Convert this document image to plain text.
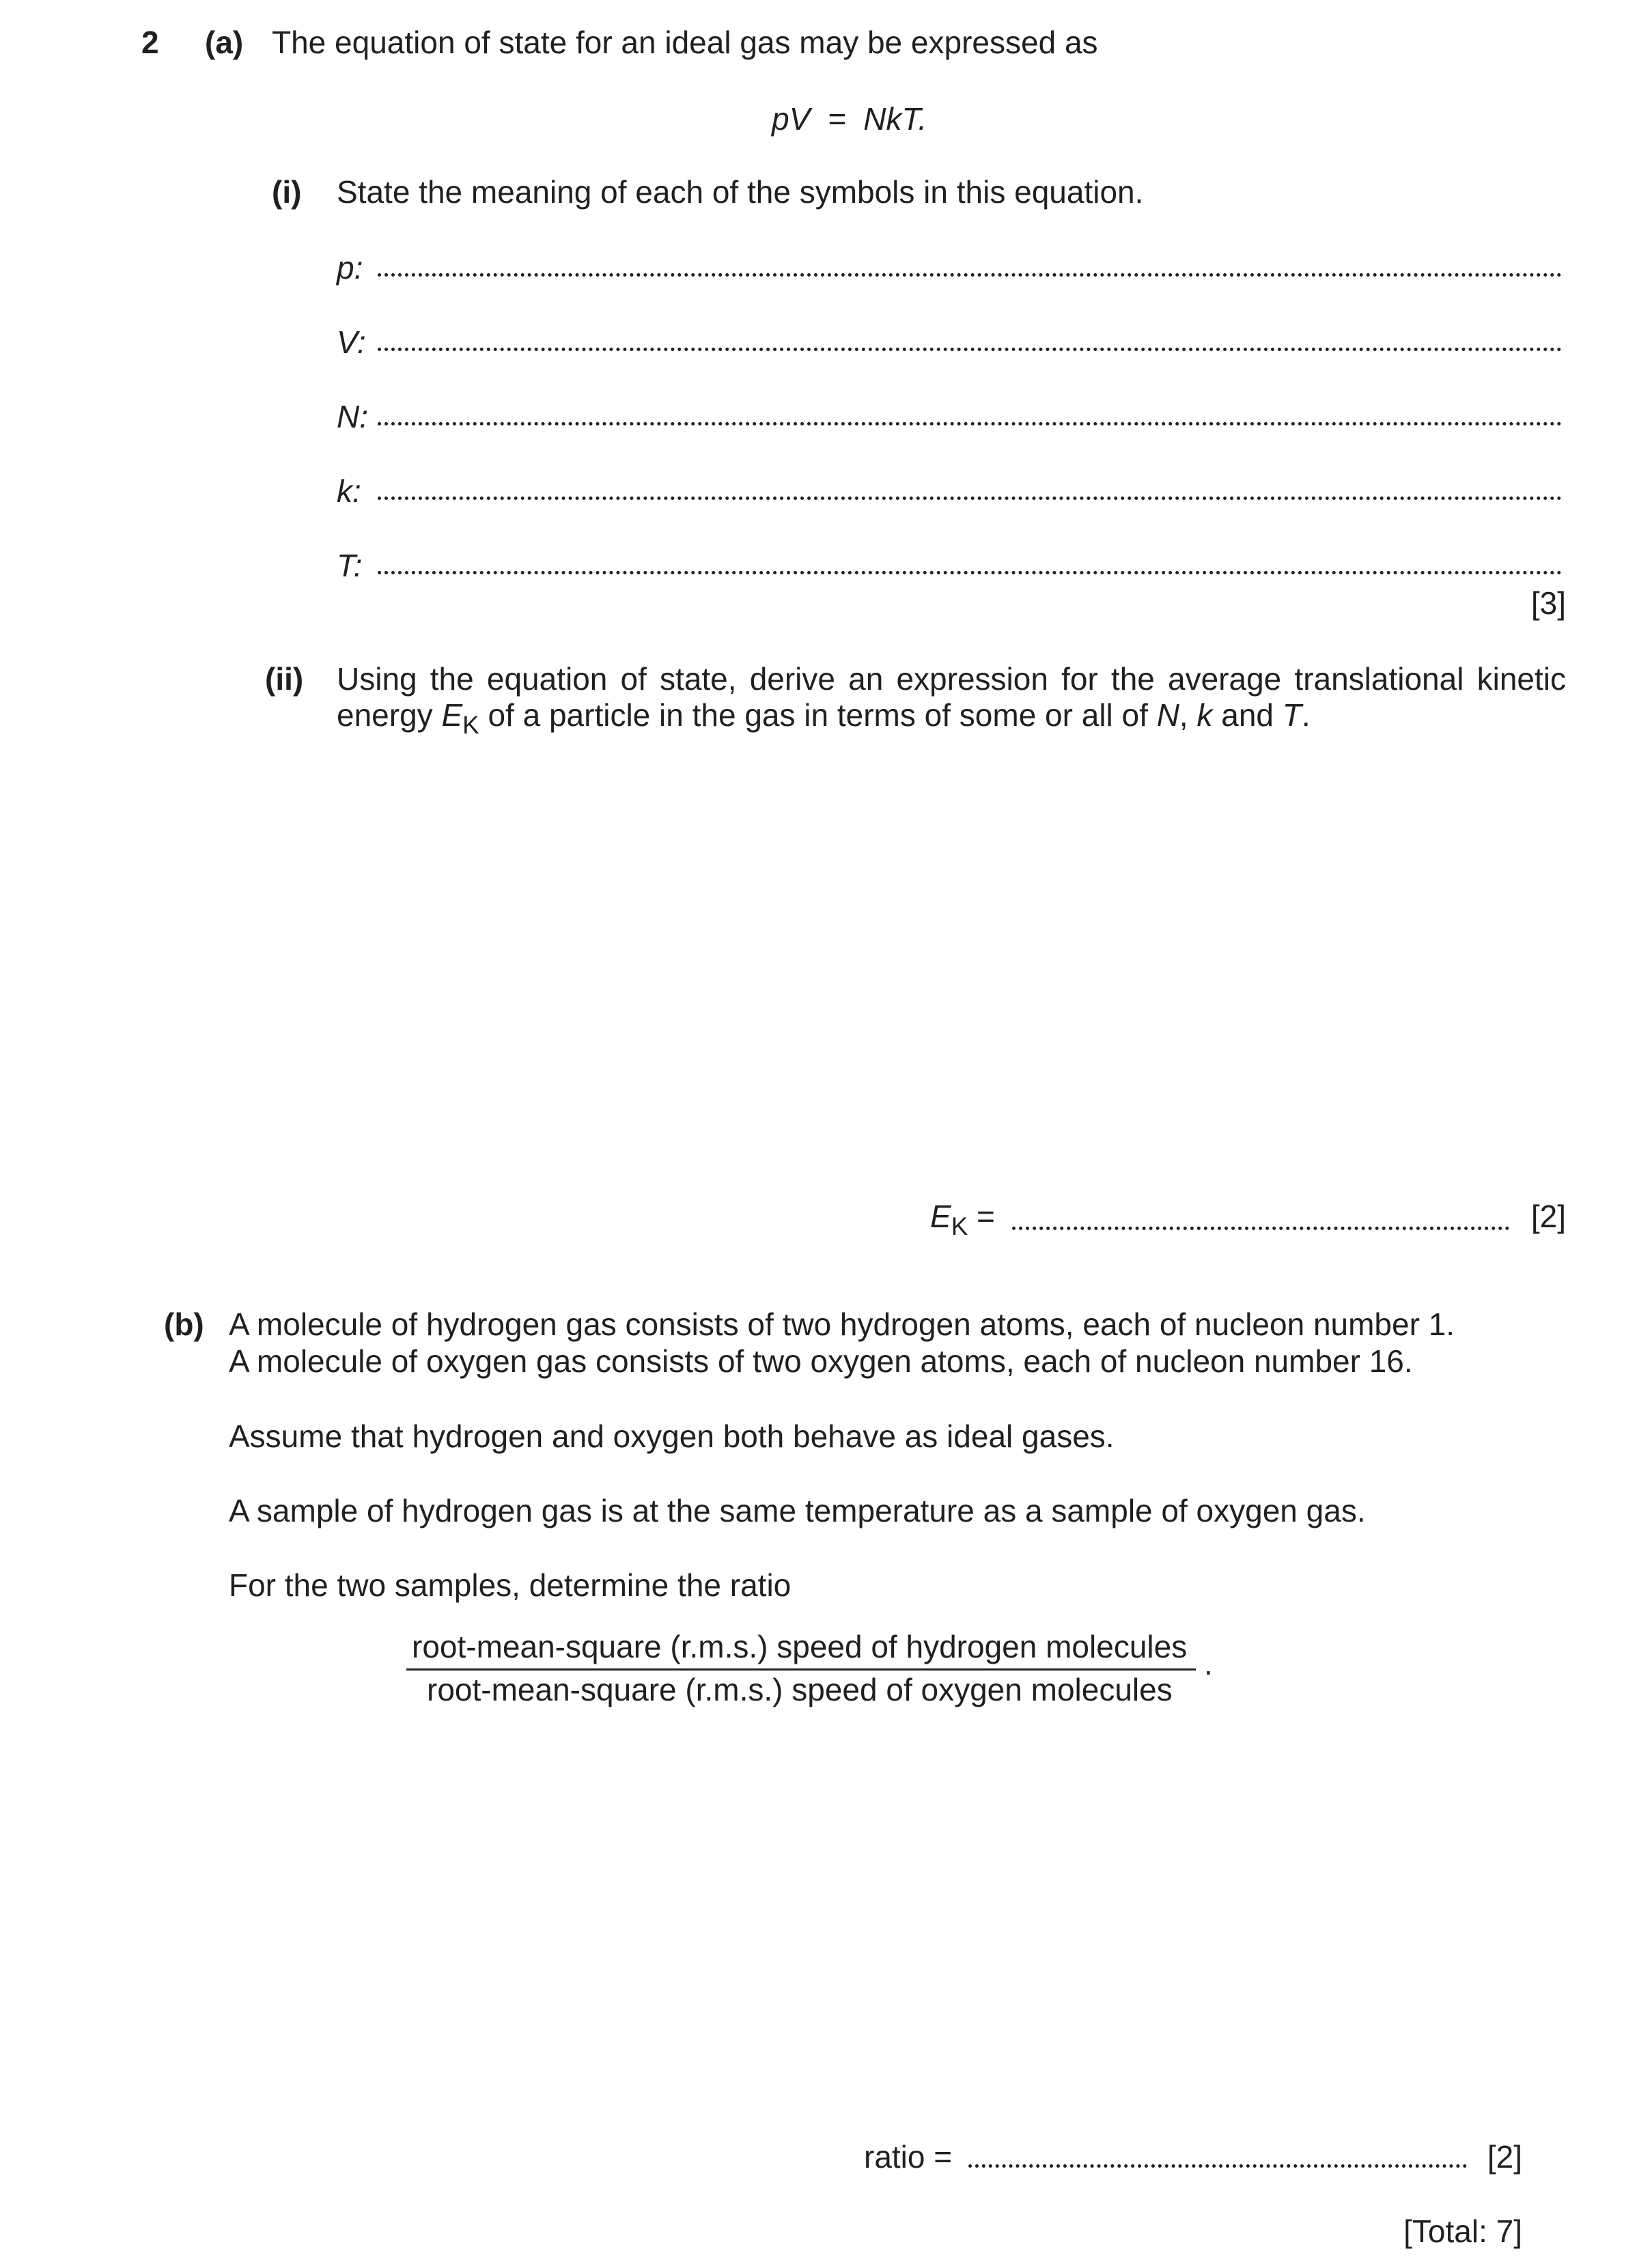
2 (a) The equation of state for an ideal gas may be expressed as
pV  =  NkT.
(i) State the meaning of each of the symbols in this equation.
p:
V:
N:
k:
T:
[3]
(ii) Using the equation of state, derive an expression for the average translational kinetic
energy $E_K$ of a particle in the gas in terms of some or all of N, k and T.
$E_K$ =	[2]
(b) A molecule of hydrogen gas consists of two hydrogen atoms, each of nucleon number 1.
A molecule of oxygen gas consists of two oxygen atoms, each of nucleon number 16.
Assume that hydrogen and oxygen both behave as ideal gases.
A sample of hydrogen gas is at the same temperature as a sample of oxygen gas.
For the two samples, determine the ratio
root-mean-square (r.m.s.) speed of hydrogen molecules
root-mean-square (r.m.s.) speed of oxygen molecules
.
ratio =	[2]
[Total: 7]
